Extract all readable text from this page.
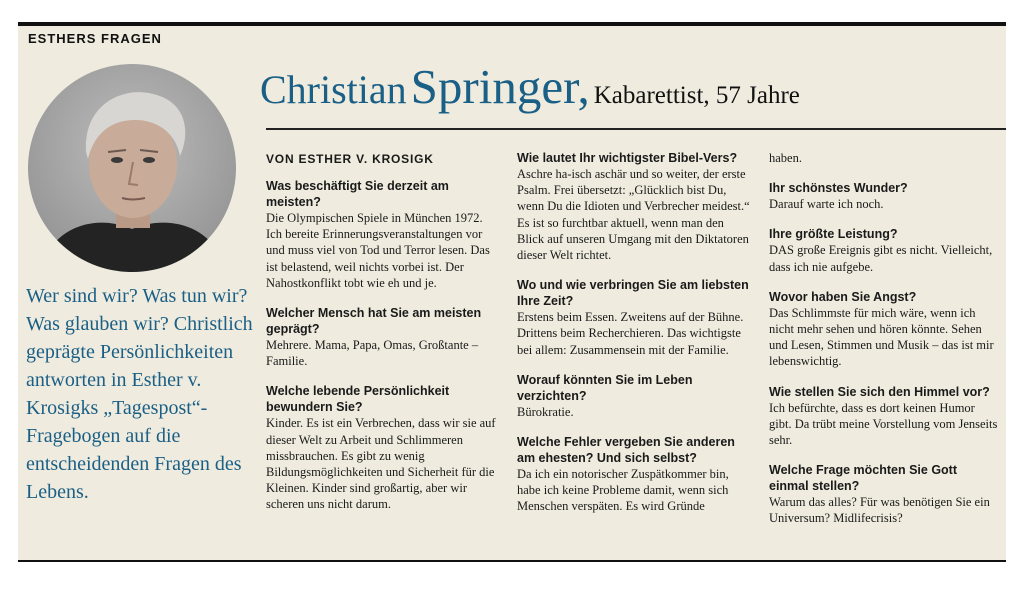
ESTHERS FRAGEN
Wer sind wir? Was tun wir? Was glauben wir? Christlich geprägte Persönlichkeiten antworten in Esther v. Krosigks „Tagespost“-Fragebogen auf die entscheidenden Fragen des Lebens.
Christian Springer, Kabarettist, 57 Jahre
VON ESTHER V. KROSIGK

Was beschäftigt Sie derzeit am meisten?

Die Olympischen Spiele in München 1972. Ich bereite Erinnerungsveranstaltungen vor und muss viel von Tod und Terror lesen. Das ist belastend, weil nichts vorbei ist. Der Nahostkonflikt tobt wie eh und je.

Welcher Mensch hat Sie am meisten geprägt?

Mehrere. Mama, Papa, Omas, Großtante – Familie.

Welche lebende Persönlichkeit bewundern Sie?

Kinder. Es ist ein Verbrechen, dass wir sie auf dieser Welt zu Arbeit und Schlimmeren missbrauchen. Es gibt zu wenig Bildungsmöglichkeiten und Sicherheit für die Kleinen. Kinder sind großartig, aber wir scheren uns nicht darum.

Wie lautet Ihr wichtigster Bibel-Vers?

Aschre ha-isch aschär und so weiter, der erste Psalm. Frei übersetzt: „Glücklich bist Du, wenn Du die Idioten und Verbrecher meidest.“ Es ist so furchtbar aktuell, wenn man den Blick auf unseren Umgang mit den Diktatoren dieser Welt richtet.

Wo und wie verbringen Sie am liebsten Ihre Zeit?

Erstens beim Essen. Zweitens auf der Bühne. Drittens beim Recherchieren. Das wichtigste bei allem: Zusammensein mit der Familie.

Worauf könnten Sie im Leben verzichten?

Bürokratie.

Welche Fehler vergeben Sie anderen am ehesten? Und sich selbst?

Da ich ein notorischer Zuspätkommer bin, habe ich keine Probleme damit, wenn sich Menschen verspäten. Es wird Gründe

haben.

Ihr schönstes Wunder?

Darauf warte ich noch.

Ihre größte Leistung?

DAS große Ereignis gibt es nicht. Vielleicht, dass ich nie aufgebe.

Wovor haben Sie Angst?

Das Schlimmste für mich wäre, wenn ich nicht mehr sehen und hören könnte. Sehen und Lesen, Stimmen und Musik – das ist mir lebenswichtig.

Wie stellen Sie sich den Himmel vor?

Ich befürchte, dass es dort keinen Humor gibt. Da trübt meine Vorstellung vom Jenseits sehr.

Welche Frage möchten Sie Gott einmal stellen?

Warum das alles? Für was benötigen Sie ein Universum? Midlifecrisis?
